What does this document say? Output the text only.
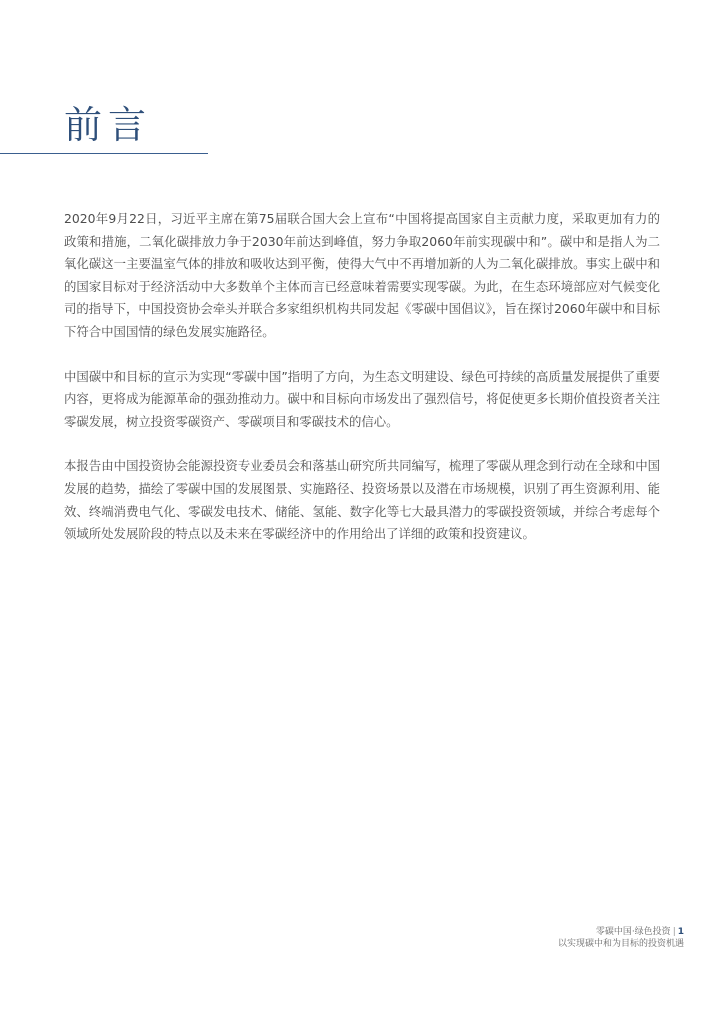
前言

2020年9月22日，习近平主席在第75届联合国大会上宣布“中国将提高国家自主贡献力度，采取更加有力的政策和措施，二氧化碳排放力争于2030年前达到峰值，努力争取2060年前实现碳中和”。碳中和是指人为二氧化碳这一主要温室气体的排放和吸收达到平衡，使得大气中不再增加新的人为二氧化碳排放。事实上碳中和的国家目标对于经济活动中大多数单个主体而言已经意味着需要实现零碳。为此，在生态环境部应对气候变化司的指导下，中国投资协会牵头并联合多家组织机构共同发起《零碳中国倡议》，旨在探讨2060年碳中和目标下符合中国国情的绿色发展实施路径。

中国碳中和目标的宣示为实现“零碳中国”指明了方向，为生态文明建设、绿色可持续的高质量发展提供了重要内容，更将成为能源革命的强劲推动力。碳中和目标向市场发出了强烈信号，将促使更多长期价值投资者关注零碳发展，树立投资零碳资产、零碳项目和零碳技术的信心。

本报告由中国投资协会能源投资专业委员会和落基山研究所共同编写，梳理了零碳从理念到行动在全球和中国发展的趋势，描绘了零碳中国的发展图景、实施路径、投资场景以及潜在市场规模，识别了再生资源利用、能效、终端消费电气化、零碳发电技术、储能、氢能、数字化等七大最具潜力的零碳投资领域，并综合考虑每个领域所处发展阶段的特点以及未来在零碳经济中的作用给出了详细的政策和投资建议。

零碳中国·绿色投资 | 1
以实现碳中和为目标的投资机遇
